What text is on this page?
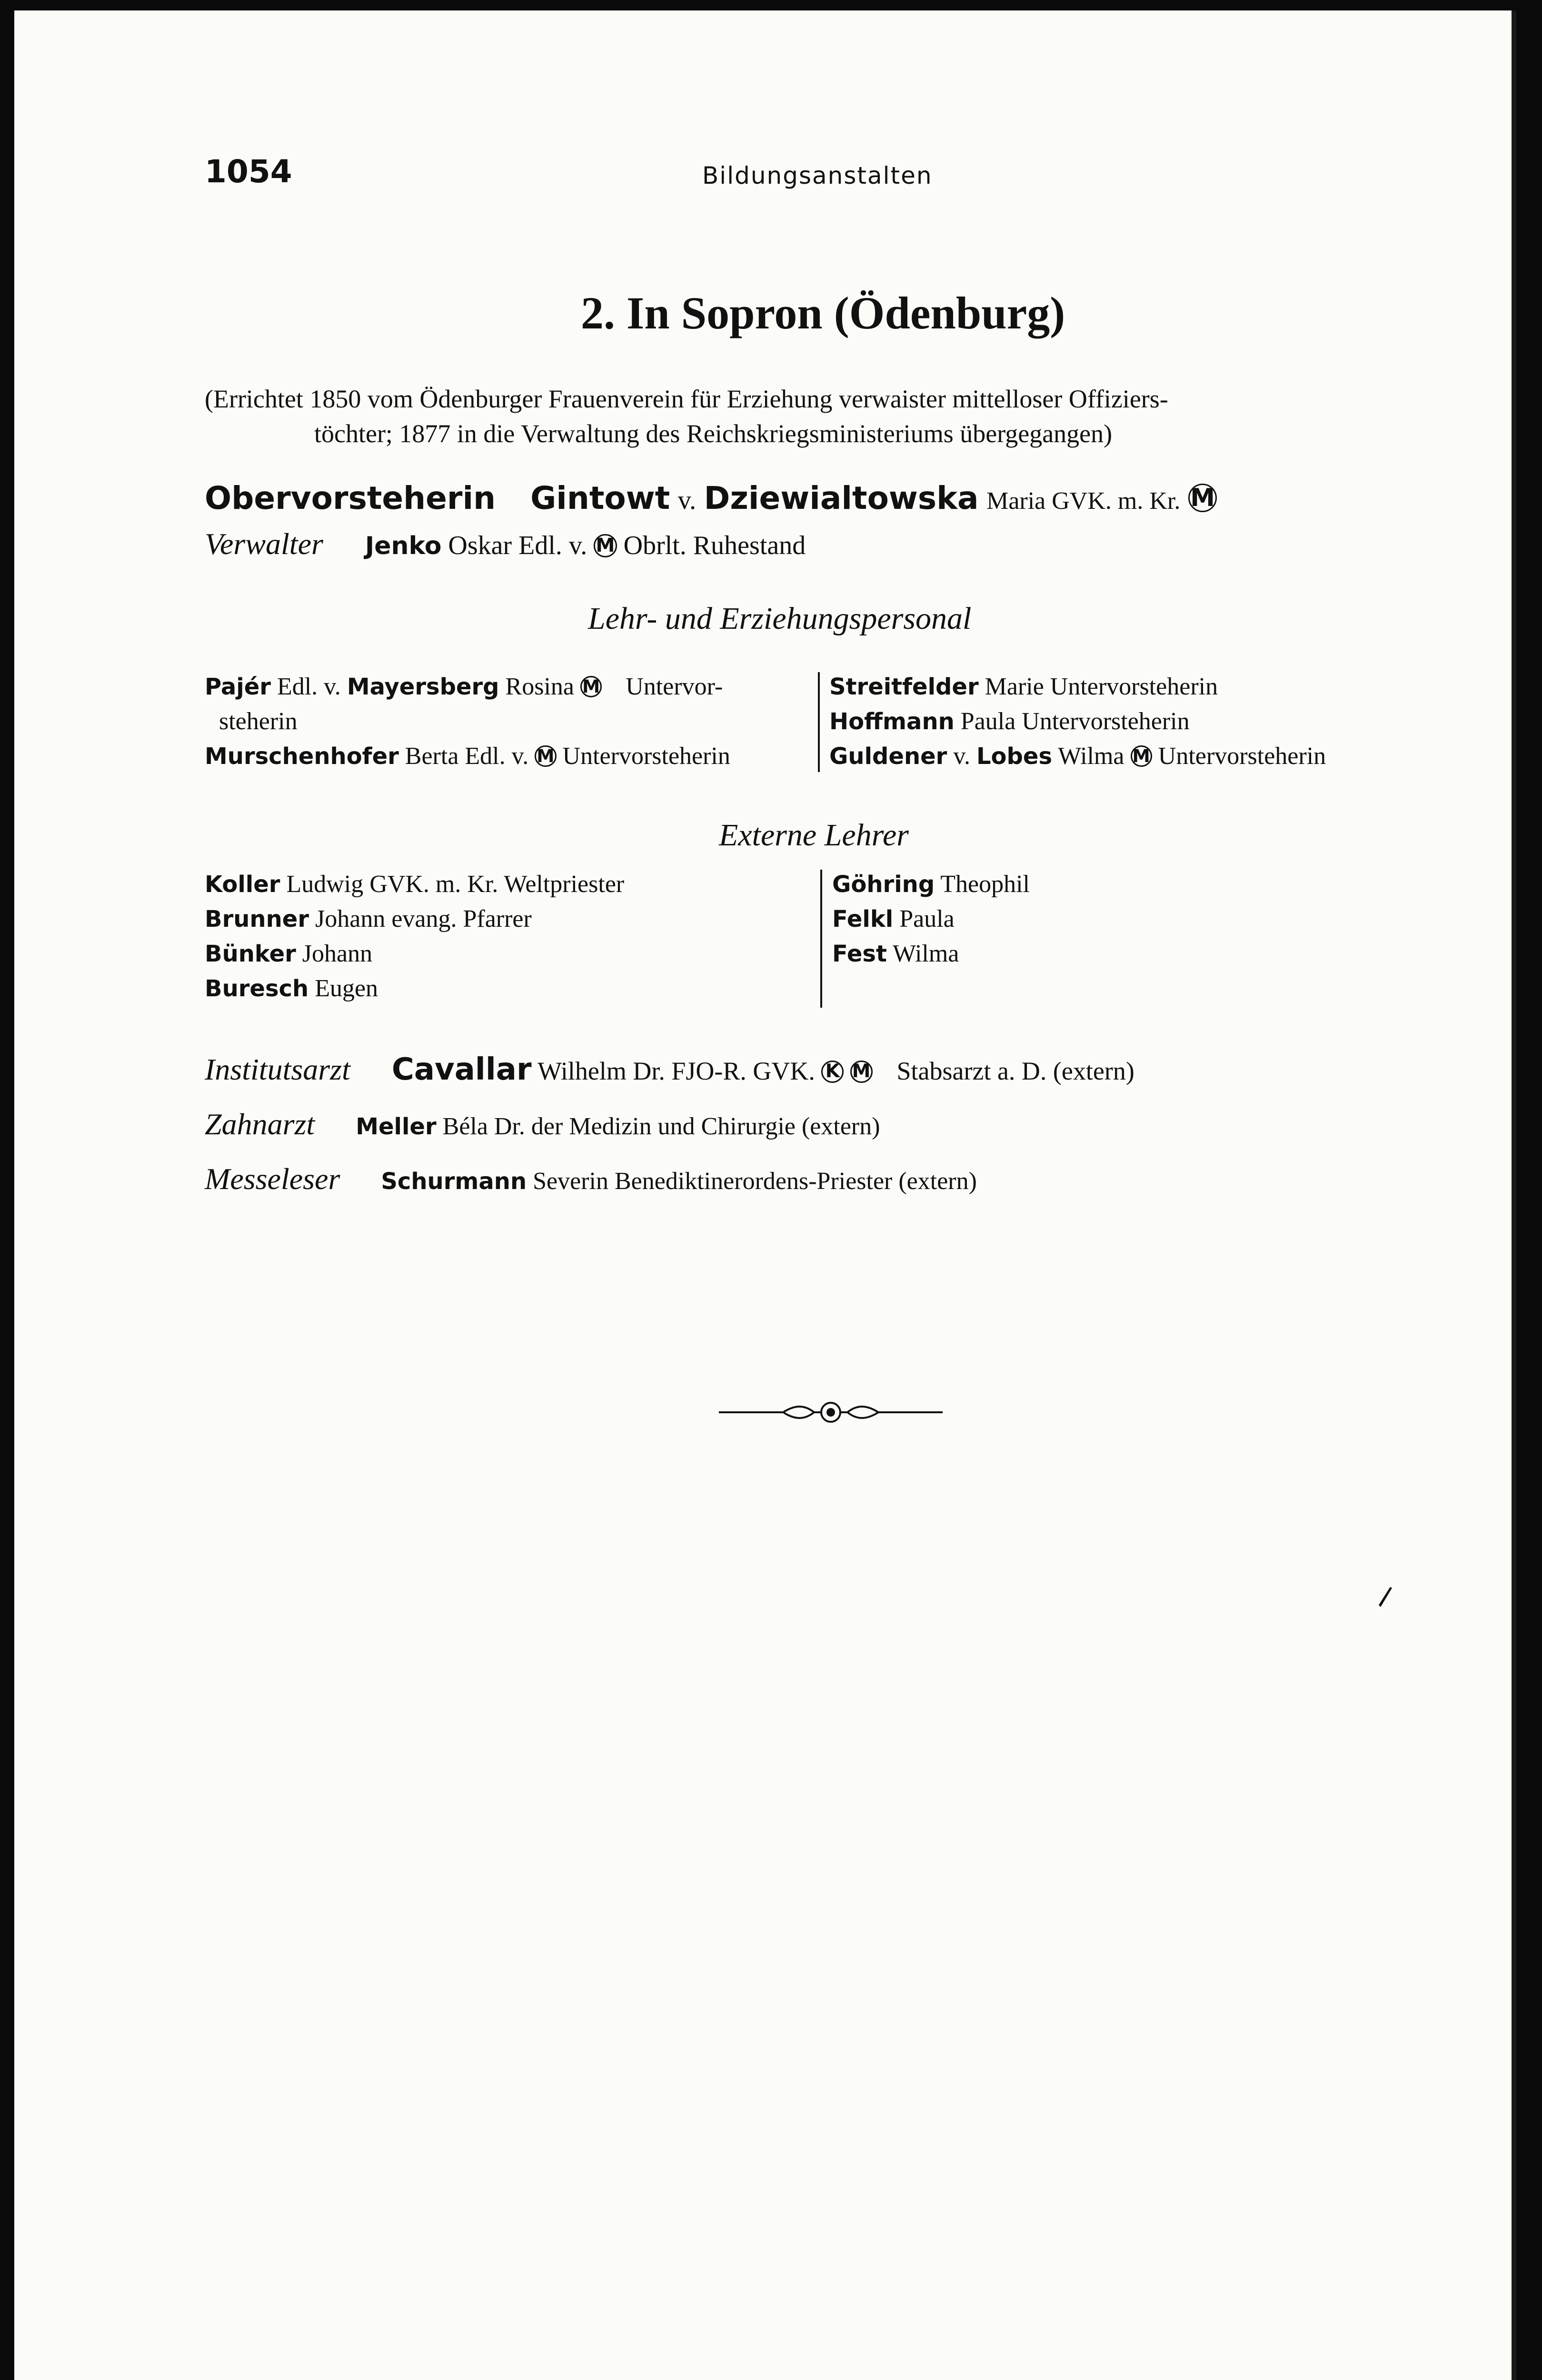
1054	Bildungsanstalten
2. In Sopron (Ödenburg)
(Errichtet 1850 vom Ödenburger Frauenverein für Erziehung verwaister mittelloser Offiziers-
töchter; 1877 in die Verwaltung des Reichskriegsministeriums übergegangen)
Obervorsteherin Gintowt v. Dziewialtowska Maria GVK. m. Kr. M
Verwalter Jenko Oskar Edl. v. M Obrlt. Ruhestand
Lehr- und Erziehungspersonal
Pajér Edl. v. Mayersberg Rosina M Untervor-
steherin
Murschenhofer Berta Edl. v. M Untervorsteherin
Streitfelder Marie Untervorsteherin
Hoffmann Paula Untervorsteherin
Guldener v. Lobes Wilma M Untervorsteherin
Externe Lehrer
Koller Ludwig GVK. m. Kr. Weltpriester
Brunner Johann evang. Pfarrer
Bünker Johann
Buresch Eugen
Göhring Theophil
Felkl Paula
Fest Wilma
Institutsarzt Cavallar Wilhelm Dr. FJO-R. GVK. K M Stabsarzt a. D. (extern)
Zahnarzt Meller Béla Dr. der Medizin und Chirurgie (extern)
Messeleser Schurmann Severin Benediktinerordens-Priester (extern)
